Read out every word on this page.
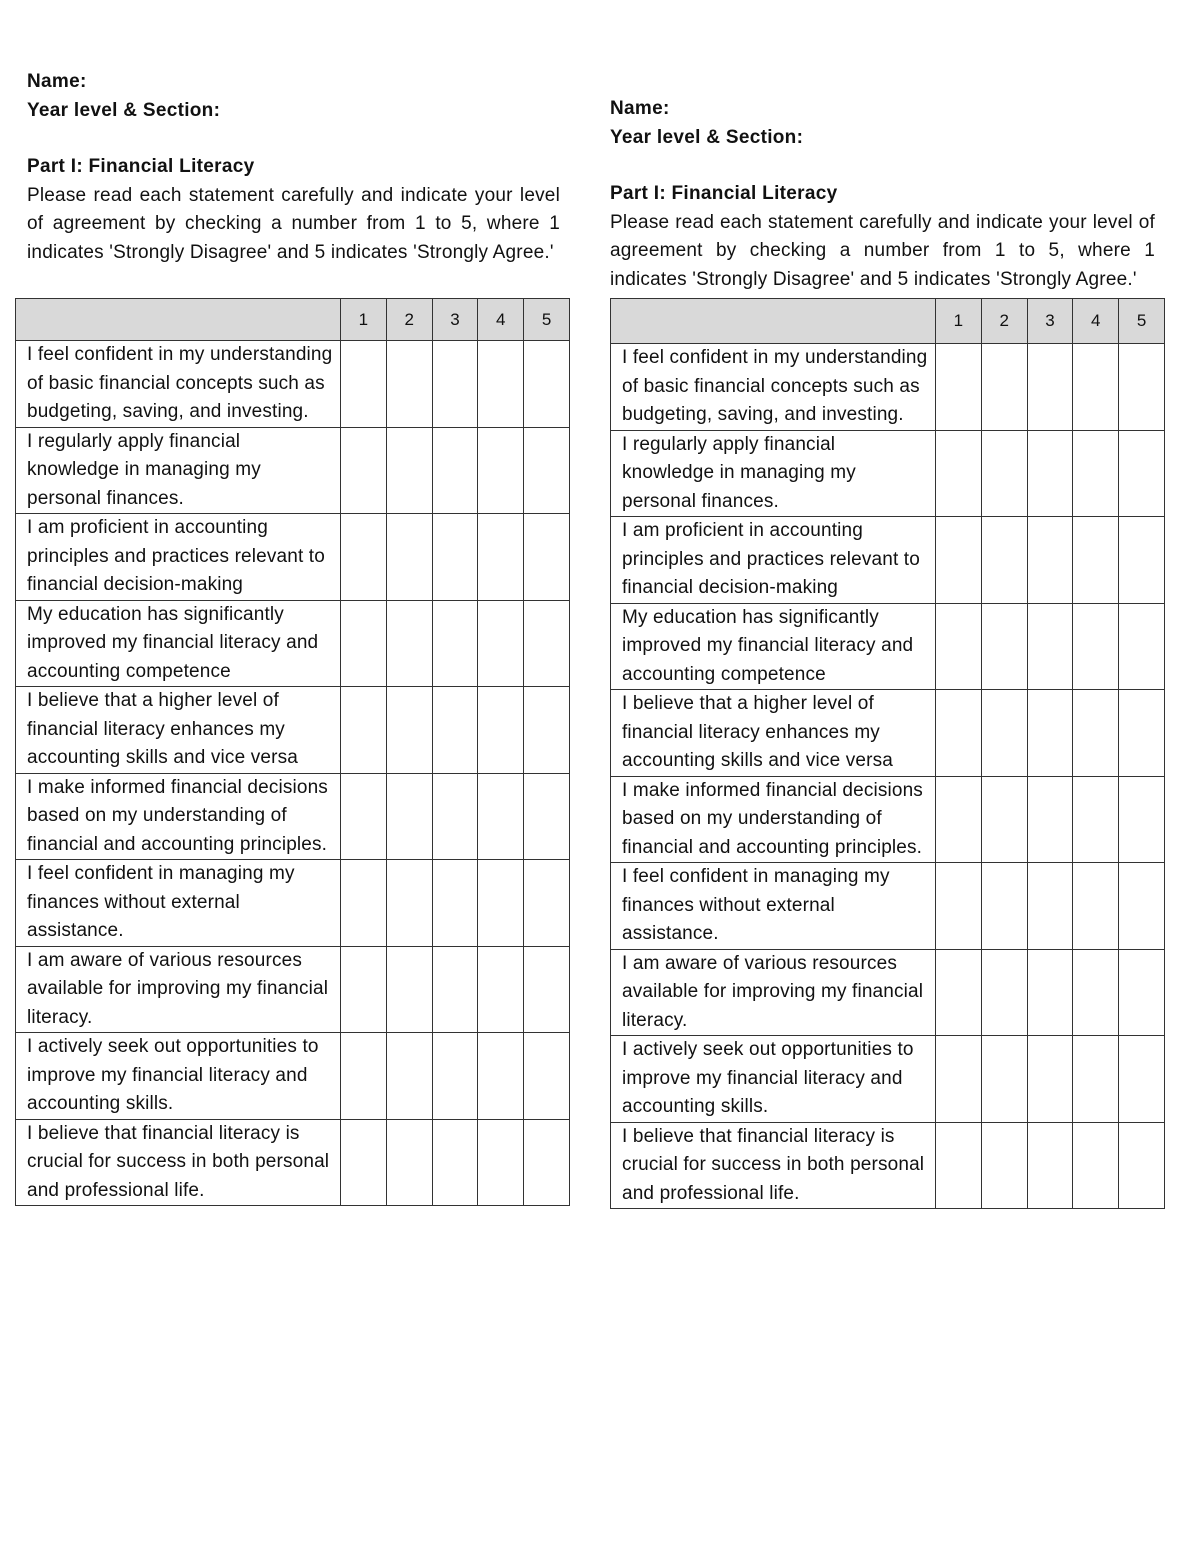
Name:
Year level & Section:
Part I: Financial Literacy
Please read each statement carefully and indicate your level of agreement by checking a number from 1 to 5, where 1 indicates 'Strongly Disagree' and 5 indicates 'Strongly Agree.'
	1	2	3	4	5
I feel confident in my understanding of basic financial concepts such as budgeting, saving, and investing.					
I regularly apply financial knowledge in managing my personal finances.					
I am proficient in accounting principles and practices relevant to financial decision-making					
My education has significantly improved my financial literacy and accounting competence					
I believe that a higher level of financial literacy enhances my accounting skills and vice versa					
I make informed financial decisions based on my understanding of financial and accounting principles.					
I feel confident in managing my finances without external assistance.					
I am aware of various resources available for improving my financial literacy.					
I actively seek out opportunities to improve my financial literacy and accounting skills.					
I believe that financial literacy is crucial for success in both personal and professional life.					
Name:
Year level & Section:
Part I: Financial Literacy
Please read each statement carefully and indicate your level of agreement by checking a number from 1 to 5, where 1 indicates 'Strongly Disagree' and 5 indicates 'Strongly Agree.'
	1	2	3	4	5
I feel confident in my understanding of basic financial concepts such as budgeting, saving, and investing.					
I regularly apply financial knowledge in managing my personal finances.					
I am proficient in accounting principles and practices relevant to financial decision-making					
My education has significantly improved my financial literacy and accounting competence					
I believe that a higher level of financial literacy enhances my accounting skills and vice versa					
I make informed financial decisions based on my understanding of financial and accounting principles.					
I feel confident in managing my finances without external assistance.					
I am aware of various resources available for improving my financial literacy.					
I actively seek out opportunities to improve my financial literacy and accounting skills.					
I believe that financial literacy is crucial for success in both personal and professional life.					
